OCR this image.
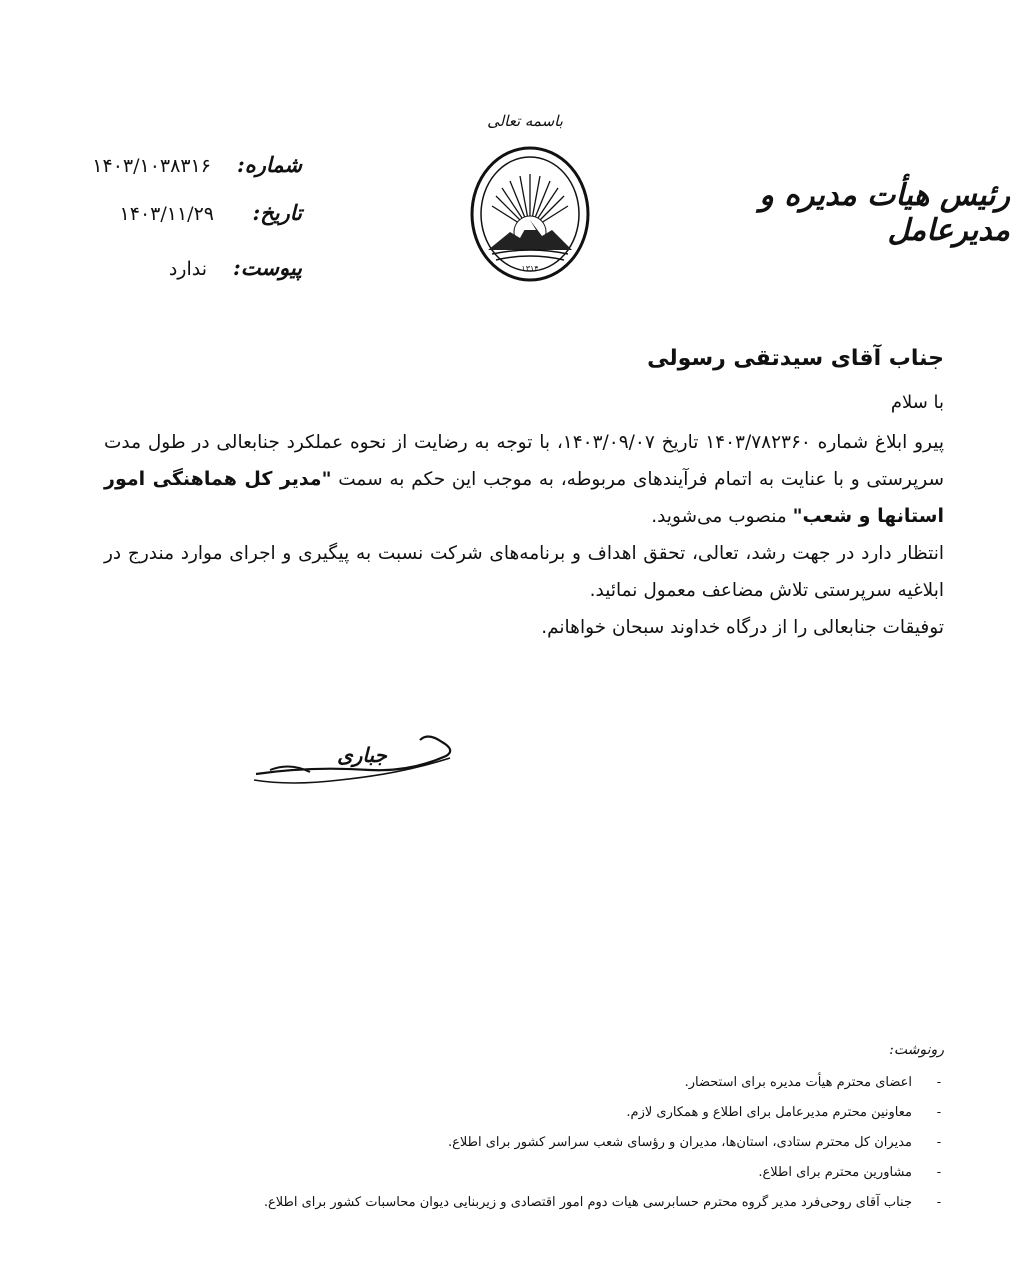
باسمه تعالی
۱۳۱۴
رئیس هیأت مدیره و مدیرعامل
شماره:
۱۴۰۳/۱۰۳۸۳۱۶
تاریخ:
۱۴۰۳/۱۱/۲۹
پیوست:
ندارد
جناب آقای سیدتقی رسولی
با سلام

پیرو ابلاغ شماره ۱۴۰۳/۷۸۲۳۶۰ تاریخ ۱۴۰۳/۰۹/۰۷، با توجه به رضایت از نحوه عملکرد جنابعالی در طول مدت سرپرستی و با عنایت به اتمام فرآیندهای مربوطه، به موجب این حکم به سمت "مدیر کل هماهنگی امور استانها و شعب" منصوب می‌شوید.

انتظار دارد در جهت رشد، تعالی، تحقق اهداف و برنامه‌های شرکت نسبت به پیگیری و اجرای موارد مندرج در ابلاغیه سرپرستی تلاش مضاعف معمول نمائید.

توفیقات جنابعالی را از درگاه خداوند سبحان خواهانم.

جباری
رونوشت:
-
اعضای محترم هیأت مدیره برای استحضار.
-
معاونین محترم مدیرعامل برای اطلاع و همکاری لازم.
-
مدیران کل محترم ستادی، استان‌ها، مدیران و رؤسای شعب سراسر کشور برای اطلاع.
-
مشاورین محترم برای اطلاع.
-
جناب آقای روحی‌فرد مدیر گروه محترم حسابرسی هیات دوم امور اقتصادی و زیربنایی دیوان محاسبات کشور برای اطلاع.
